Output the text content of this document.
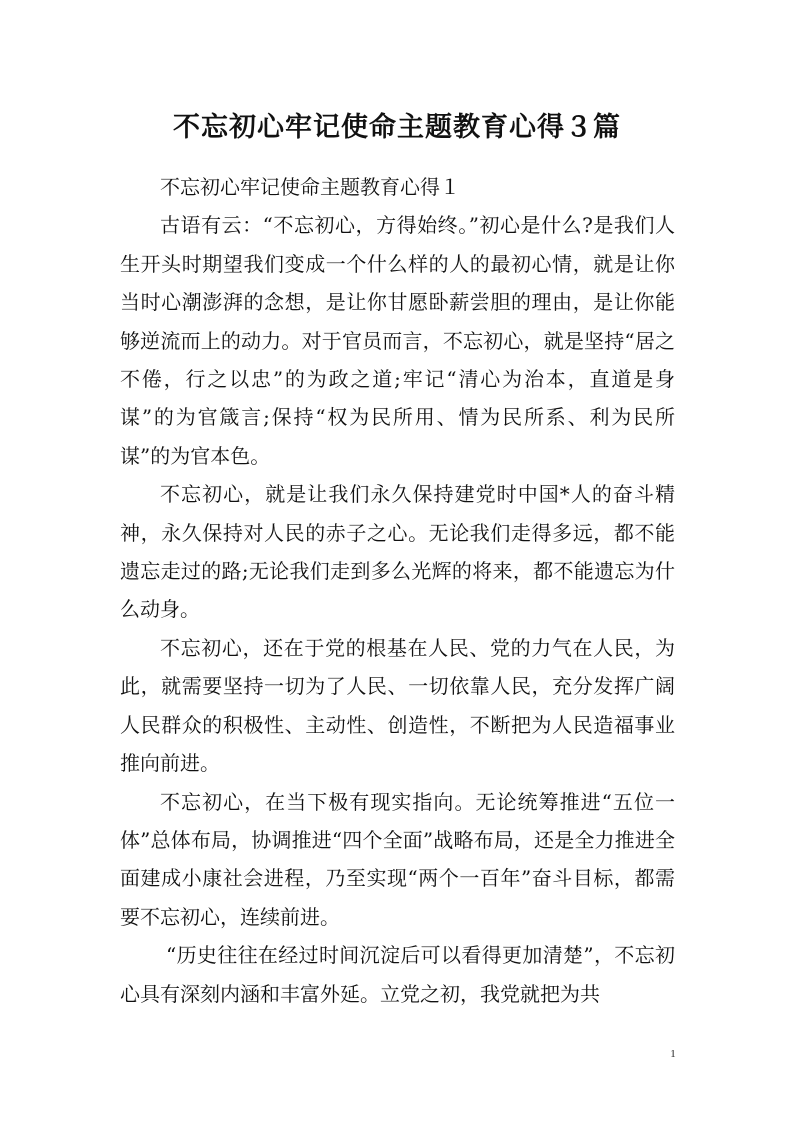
不忘初心牢记使命主题教育心得３篇

不忘初心牢记使命主题教育心得１

古语有云：“不忘初心，方得始终。”初心是什么?是我们人生开头时期望我们变成一个什么样的人的最初心情，就是让你当时心潮澎湃的念想，是让你甘愿卧薪尝胆的理由，是让你能够逆流而上的动力。对于官员而言，不忘初心，就是坚持“居之不倦，行之以忠”的为政之道;牢记“清心为治本，直道是身谋”的为官箴言;保持“权为民所用、情为民所系、利为民所谋”的为官本色。

不忘初心，就是让我们永久保持建党时中国*人的奋斗精神，永久保持对人民的赤子之心。无论我们走得多远，都不能遗忘走过的路;无论我们走到多么光辉的将来，都不能遗忘为什么动身。

不忘初心，还在于党的根基在人民、党的力气在人民，为此，就需要坚持一切为了人民、一切依靠人民，充分发挥广阔人民群众的积极性、主动性、创造性，不断把为人民造福事业推向前进。

不忘初心，在当下极有现实指向。无论统筹推进“五位一体”总体布局，协调推进“四个全面”战略布局，还是全力推进全面建成小康社会进程，乃至实现“两个一百年”奋斗目标，都需要不忘初心，连续前进。

“历史往往在经过时间沉淀后可以看得更加清楚”，不忘初心具有深刻内涵和丰富外延。立党之初，我党就把为共

1
